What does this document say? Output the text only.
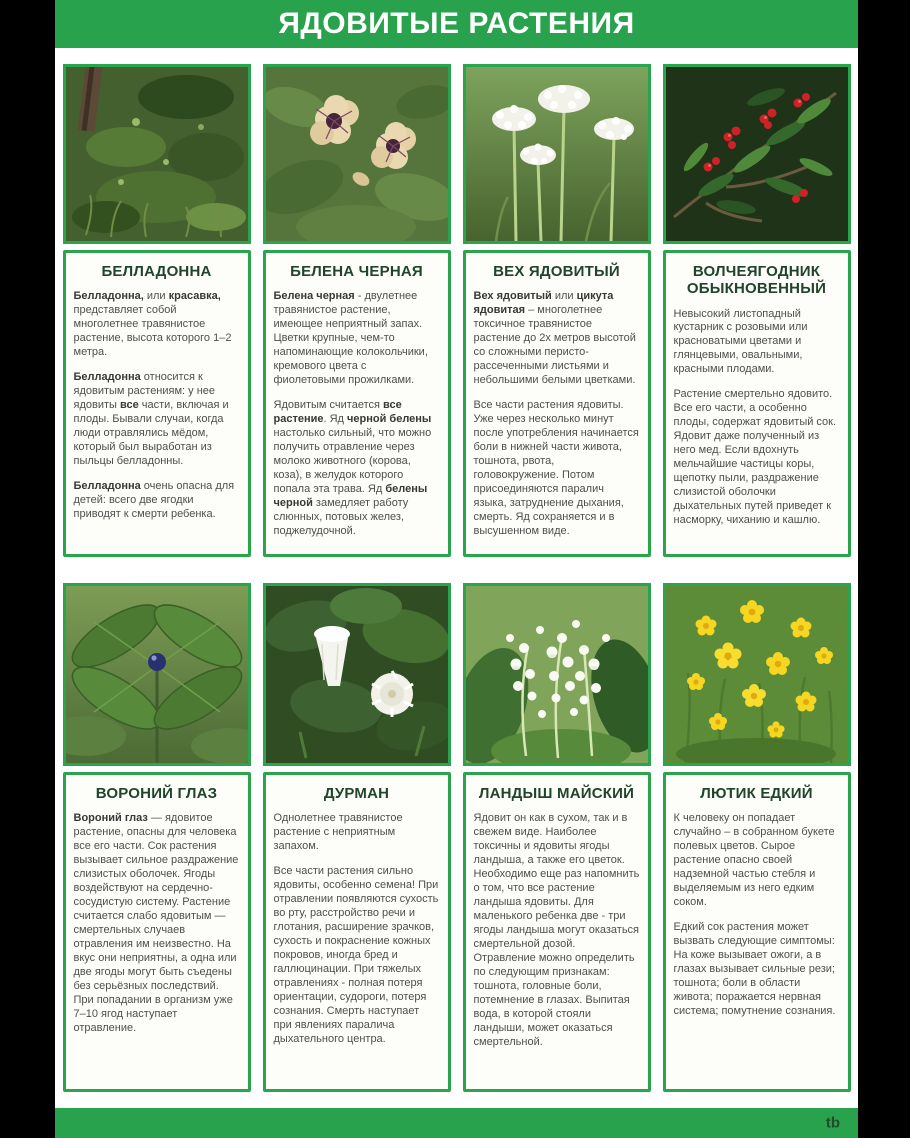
ЯДОВИТЫЕ РАСТЕНИЯ
БЕЛЛАДОННА

Белладонна, или красавка, представляет собой многолетнее травянистое растение, высота которого 1–2 метра.

Белладонна относится к ядовитым растениям: у нее ядовиты все части, включая и плоды. Бывали случаи, когда люди отравлялись мёдом, который был выработан из пыльцы белладонны.

Белладонна очень опасна для детей: всего две ягодки приводят к смерти ребенка.

БЕЛЕНА ЧЕРНАЯ

Белена черная - двулетнее травянистое растение, имеющее неприятный запах. Цветки крупные, чем-то напоминающие колокольчики, кремового цвета с фиолетовыми прожилками.

Ядовитым считается все растение. Яд черной белены настолько сильный, что можно получить отравление через молоко животного (корова, коза), в желудок которого попала эта трава. Яд белены черной замедляет работу слюнных, потовых желез, поджелудочной.

ВЕХ ЯДОВИТЫЙ

Вех ядовитый или цикута ядовитая – многолетнее токсичное травянистое растение до 2х метров высотой со сложными перисто-рассеченными листьями и небольшими белыми цветками.

Все части растения ядовиты. Уже через несколько минут после употребления начинается боли в нижней части живота, тошнота, рвота, головокружение. Потом присоединяются паралич языка, затруднение дыхания, смерть. Яд сохраняется и в высушенном виде.

ВОЛЧЕЯГОДНИК ОБЫКНОВЕННЫЙ

Невысокий листопадный кустарник с розовыми или красноватыми цветами и глянцевыми, овальными, красными плодами.

Растение смертельно ядовито. Все его части, а особенно плоды, содержат ядовитый сок. Ядовит даже полученный из него мед. Если вдохнуть мельчайшие частицы коры, щепотку пыли, раздражение слизистой оболочки дыхательных путей приведет к насморку, чиханию и кашлю.

ВОРОНИЙ ГЛАЗ

Вороний глаз — ядовитое растение, опасны для человека все его части. Сок растения вызывает сильное раздражение слизистых оболочек. Ягоды воздействуют на сердечно-сосудистую систему. Растение считается слабо ядовитым — смертельных случаев отравления им неизвестно. На вкус они неприятны, а одна или две ягоды могут быть съедены без серьёзных последствий. При попадании в организм уже 7–10 ягод наступает отравление.

ДУРМАН

Однолетнее травянистое растение с неприятным запахом.

Все части растения сильно ядовиты, особенно семена! При отравлении появляются сухость во рту, расстройство речи и глотания, расширение зрачков, сухость и покраснение кожных покровов, иногда бред и галлюцинации. При тяжелых отравлениях - полная потеря ориентации, судороги, потеря сознания. Смерть наступает при явлениях паралича дыхательного центра.

ЛАНДЫШ МАЙСКИЙ

Ядовит он как в сухом, так и в свежем виде. Наиболее токсичны и ядовиты ягоды ландыша, а также его цветок. Необходимо еще раз напомнить о том, что все растение ландыша ядовиты. Для маленького ребенка две - три ягоды ландыша могут оказаться смертельной дозой. Отравление можно определить по следующим признакам: тошнота, головные боли, потемнение в глазах. Выпитая вода, в которой стояли ландыши, может оказаться смертельной.

ЛЮТИК ЕДКИЙ

К человеку он попадает случайно – в собранном букете полевых цветов. Сырое растение опасно своей надземной частью стебля и выделяемым из него едким соком.

Едкий сок растения может вызвать следующие симптомы: На коже вызывает ожоги, а в глазах вызывает сильные рези; тошнота; боли в области живота; поражается нервная система; помутнение сознания.

tb
